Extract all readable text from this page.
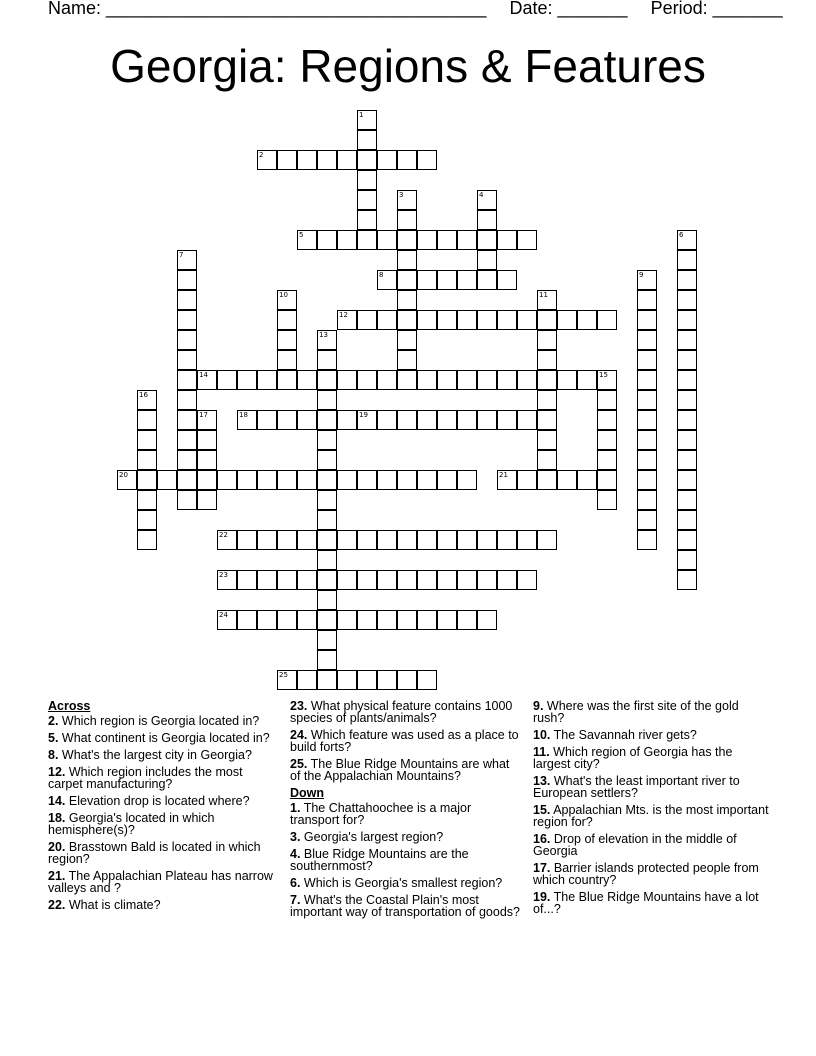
Name: ______________________________________ Date: _______ Period: _______
Georgia: Regions & Features
1
2
3	4
5	6
7
8	9
10	11
12
13
14	15
16
17	18	19
20	21
22
23
24
25
Across
2. Which region is Georgia located in?
5. What continent is Georgia located in?
8. What's the largest city in Georgia?
12. Which region includes the most carpet manufacturing?
14. Elevation drop is located where?
18. Georgia's located in which hemisphere(s)?
20. Brasstown Bald is located in which region?
21. The Appalachian Plateau has narrow valleys and ?
22. What is climate?
23. What physical feature contains 1000 species of plants/animals?
24. Which feature was used as a place to build forts?
25. The Blue Ridge Mountains are what of the Appalachian Mountains?
Down
1. The Chattahoochee is a major transport for?
3. Georgia's largest region?
4. Blue Ridge Mountains are the southernmost?
6. Which is Georgia's smallest region?
7. What's the Coastal Plain's most important way of transportation of goods?
9. Where was the first site of the gold rush?
10. The Savannah river gets?
11. Which region of Georgia has the largest city?
13. What's the least important river to European settlers?
15. Appalachian Mts. is the most important region for?
16. Drop of elevation in the middle of Georgia
17. Barrier islands protected people from which country?
19. The Blue Ridge Mountains have a lot of...?
